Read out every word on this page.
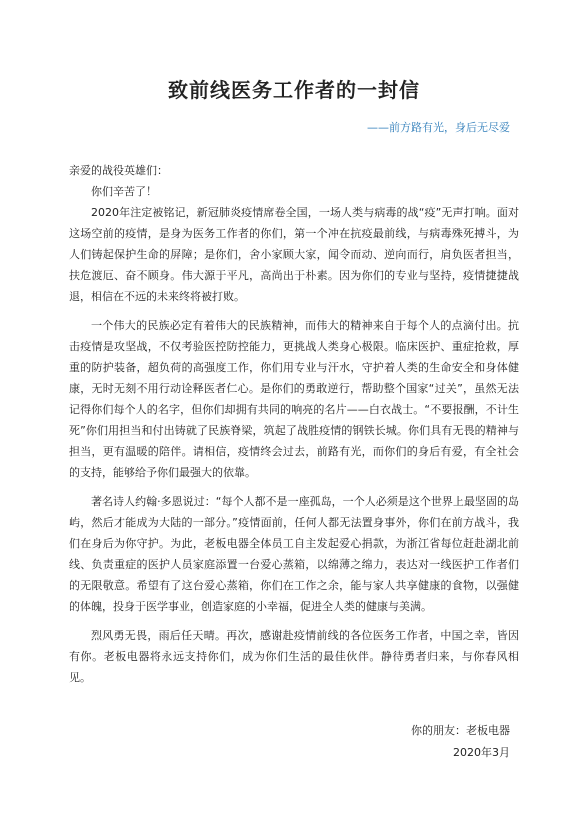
致前线医务工作者的一封信
——前方路有光，身后无尽爱

亲爱的战役英雄们：

你们辛苦了！

2020年注定被铭记，新冠肺炎疫情席卷全国，一场人类与病毒的战“疫”无声打响。面对这场空前的疫情，是身为医务工作者的你们，第一个冲在抗疫最前线，与病毒殊死搏斗，为人们铸起保护生命的屏障；是你们，舍小家顾大家，闻令而动、逆向而行，肩负医者担当，扶危渡厄、奋不顾身。伟大源于平凡，高尚出于朴素。因为你们的专业与坚持，疫情捷捷战退，相信在不远的未来终将被打败。

一个伟大的民族必定有着伟大的民族精神，而伟大的精神来自于每个人的点滴付出。抗击疫情是攻坚战，不仅考验医控防控能力，更挑战人类身心极限。临床医护、重症抢救，厚重的防护装备，超负荷的高强度工作，你们用专业与汗水，守护着人类的生命安全和身体健康，无时无刻不用行动诠释医者仁心。是你们的勇敢逆行，帮助整个国家“过关”，虽然无法记得你们每个人的名字，但你们却拥有共同的响亮的名片——白衣战士。“不要报酬，不计生死”你们用担当和付出铸就了民族脊梁，筑起了战胜疫情的钢铁长城。你们具有无畏的精神与担当，更有温暖的陪伴。请相信，疫情终会过去，前路有光，而你们的身后有爱，有全社会的支持，能够给予你们最强大的依靠。

著名诗人约翰·多恩说过：“每个人都不是一座孤岛，一个人必须是这个世界上最坚固的岛屿，然后才能成为大陆的一部分。”疫情面前，任何人都无法置身事外，你们在前方战斗，我们在身后为你守护。为此，老板电器全体员工自主发起爱心捐款，为浙江省每位赶赴湖北前线、负责重症的医护人员家庭添置一台爱心蒸箱，以绵薄之绵力，表达对一线医护工作者们的无限敬意。希望有了这台爱心蒸箱，你们在工作之余，能与家人共享健康的食物，以强健的体魄，投身于医学事业，创造家庭的小幸福，促进全人类的健康与美满。

烈风勇无畏，雨后任天晴。再次，感谢赴疫情前线的各位医务工作者，中国之幸，皆因有你。老板电器将永远支持你们，成为你们生活的最佳伙伴。静待勇者归来，与你春风相见。

你的朋友：老板电器
2020年3月
